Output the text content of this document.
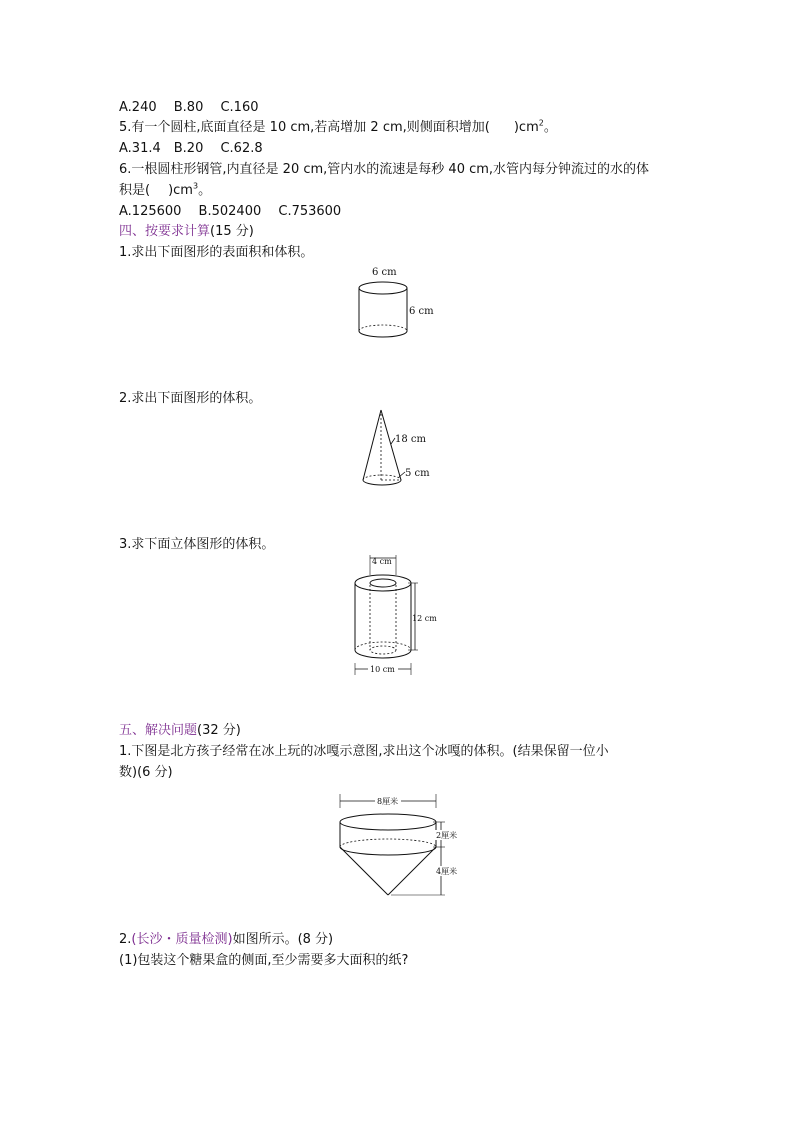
A.240　 B.80　 C.160
5.有一个圆柱,底面直径是 10 cm,若高增加 2 cm,则侧面积增加( )$cm^2$。
A.31.4　B.20　 C.62.8
6.一根圆柱形钢管,内直径是 20 cm,管内水的流速是每秒 40 cm,水管内每分钟流过的水的体
积是( )$cm^3$。
A.125600　 B.502400　 C.753600
四、按要求计算(15 分)
1.求出下面图形的表面积和体积。
6 cm
6 cm
2.求出下面图形的体积。
18 cm
5 cm
3.求下面立体图形的体积。
4 cm
12 cm
10 cm
五、解决问题(32 分)
1.下图是北方孩子经常在冰上玩的冰嘎示意图,求出这个冰嘎的体积。(结果保留一位小
数)(6 分)
8厘米
2厘米
4厘米
2.(长沙・质量检测)如图所示。(8 分)
(1)包装这个糖果盒的侧面,至少需要多大面积的纸?
